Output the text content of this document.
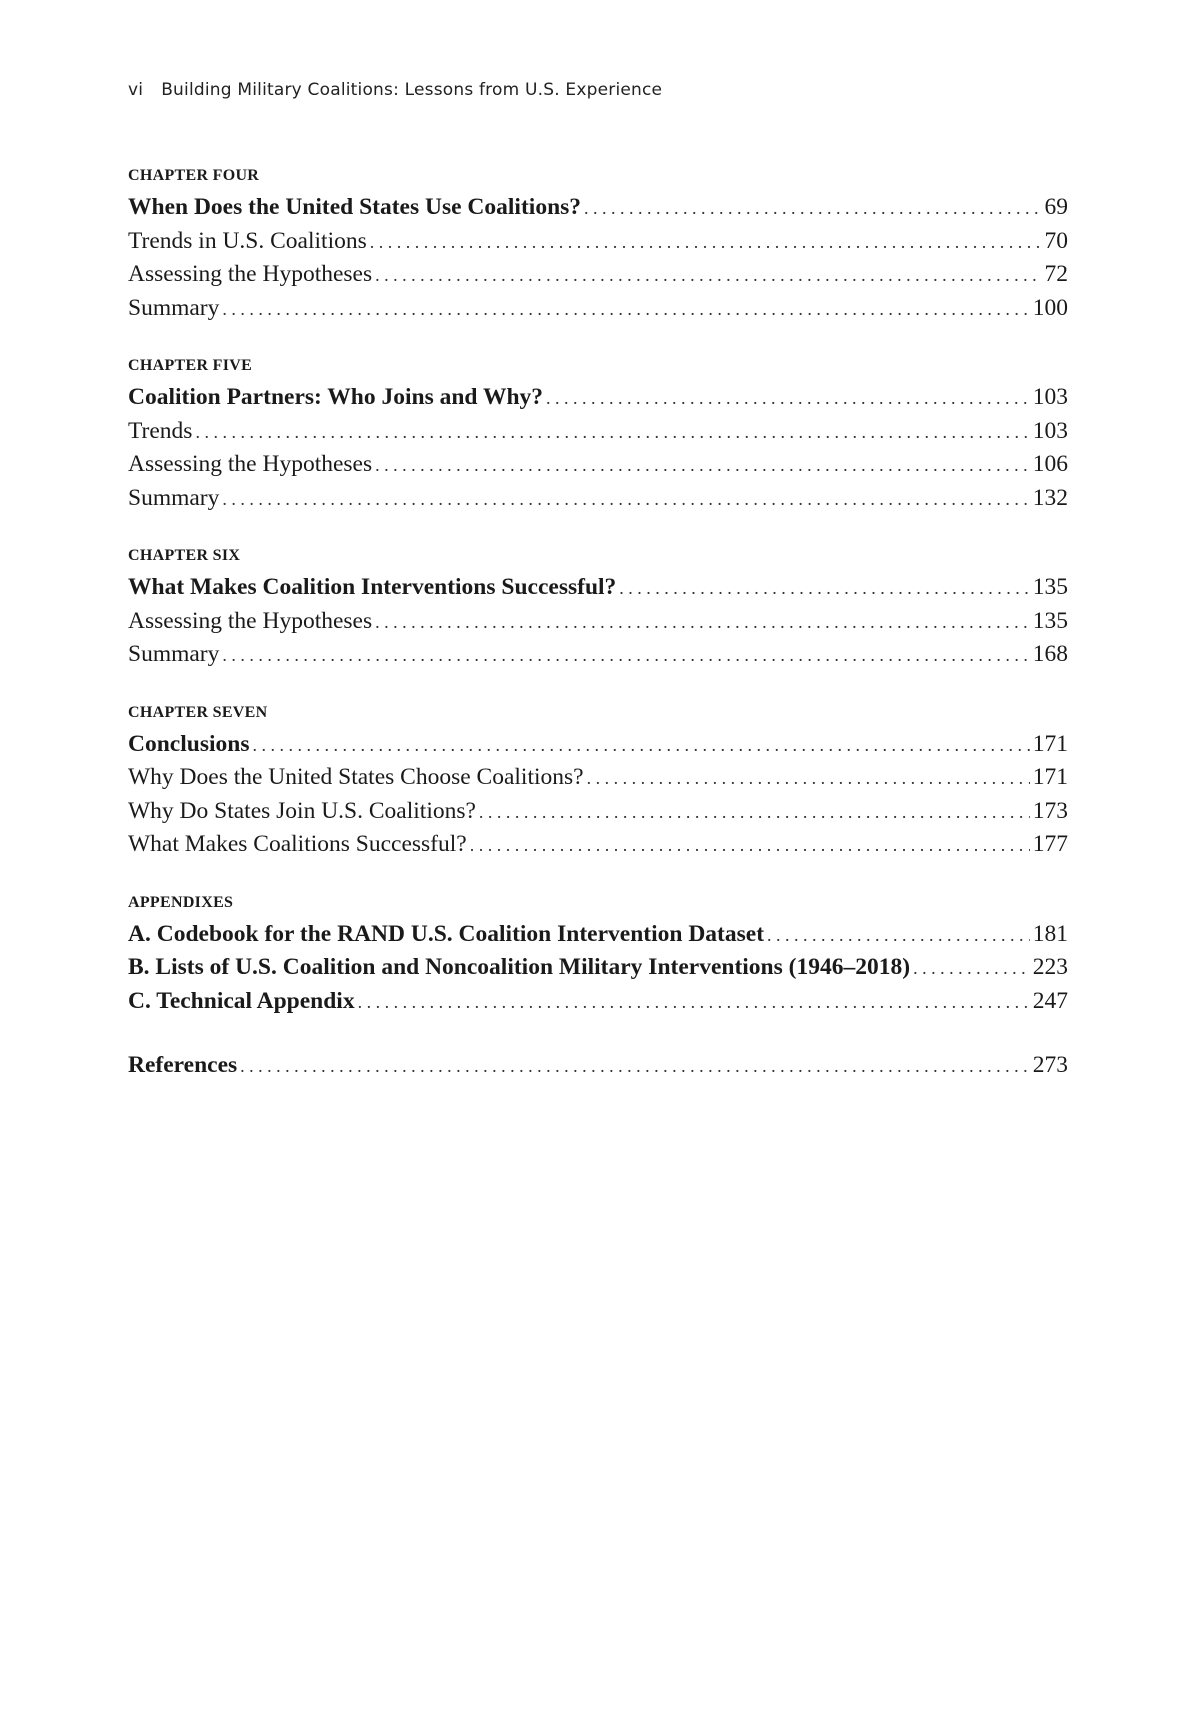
vi Building Military Coalitions: Lessons from U.S. Experience
CHAPTER FOUR
When Does the United States Use Coalitions? . . .	69
Trends in U.S. Coalitions . . .	70
Assessing the Hypotheses . . .	72
Summary . . .	100
CHAPTER FIVE
Coalition Partners: Who Joins and Why? . . .	103
Trends . . .	103
Assessing the Hypotheses . . .	106
Summary . . .	132
CHAPTER SIX
What Makes Coalition Interventions Successful? . . .	135
Assessing the Hypotheses . . .	135
Summary . . .	168
CHAPTER SEVEN
Conclusions . . .	171
Why Does the United States Choose Coalitions? . . .	171
Why Do States Join U.S. Coalitions? . . .	173
What Makes Coalitions Successful? . . .	177
APPENDIXES
A. Codebook for the RAND U.S. Coalition Intervention Dataset . . .	181
B. Lists of U.S. Coalition and Noncoalition Military Interventions (1946–2018) . . .	223
C. Technical Appendix . . .	247
References . . .	273
